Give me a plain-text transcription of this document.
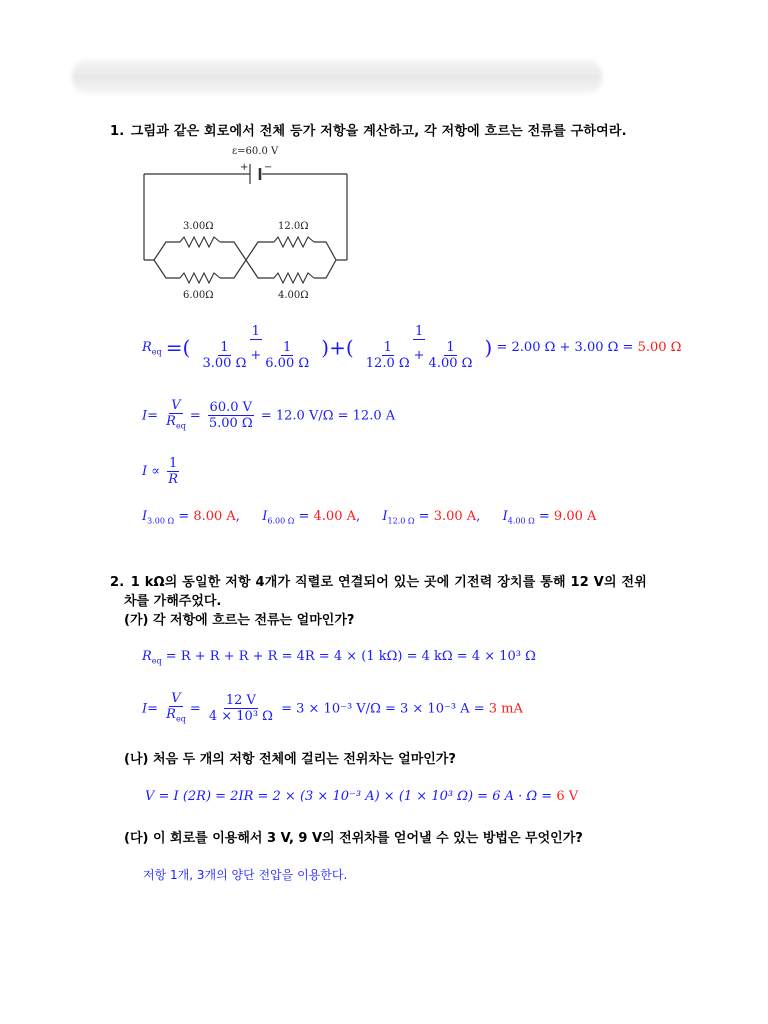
1. 그림과 같은 회로에서 전체 등가 저항을 계산하고, 각 저항에 흐르는 전류를 구하여라.
ε=60.0 V
+ −
3.00Ω	12.0Ω
6.00Ω	4.00Ω
$R_{eq}$ =( $\frac{1}{\frac{1}{3.00 \Omega} + \frac{1}{6.00 \Omega}}$ )+( $\frac{1}{\frac{1}{12.0 \Omega} + \frac{1}{4.00 \Omega}}$ ) = 2.00 Ω + 3.00 Ω = 5.00 Ω
$I= \frac{V}{R_{eq}} = \frac{60.0 V}{5.00 \Omega} = 12.0$ V/Ω = 12.0 A
$I \propto \frac{1}{R}$
$I_{3.00 \Omega} = 8.00$ A, $I_{6.00 \Omega} = 4.00$ A, $I_{12.0 \Omega} = 3.00$ A, $I_{4.00 \Omega} = 9.00$ A
2. 1 kΩ의 동일한 저항 4개가 직렬로 연결되어 있는 곳에 기전력 장치를 통해 12 V의 전위
차를 가해주었다.
(가) 각 저항에 흐르는 전류는 얼마인가?
$R_{eq} = R + R + R + R = 4R = 4 \times (1$ kΩ) = 4 kΩ = 4 × 10³ Ω
$I= \frac{V}{R_{eq}} = \frac{12 V}{\text{4 × 10³ Ω}} = 3 \times 10^{-3}$ V/Ω = 3 × 10⁻³ A = 3 mA
(나) 처음 두 개의 저항 전체에 걸리는 전위차는 얼마인가?
V = I (2R) = 2IR = 2 × (3 × 10⁻³ A) × (1 × 10³ Ω) = 6 A · Ω = 6 V
(다) 이 회로를 이용해서 3 V, 9 V의 전위차를 얻어낼 수 있는 방법은 무엇인가?
저항 1개, 3개의 양단 전압을 이용한다.
